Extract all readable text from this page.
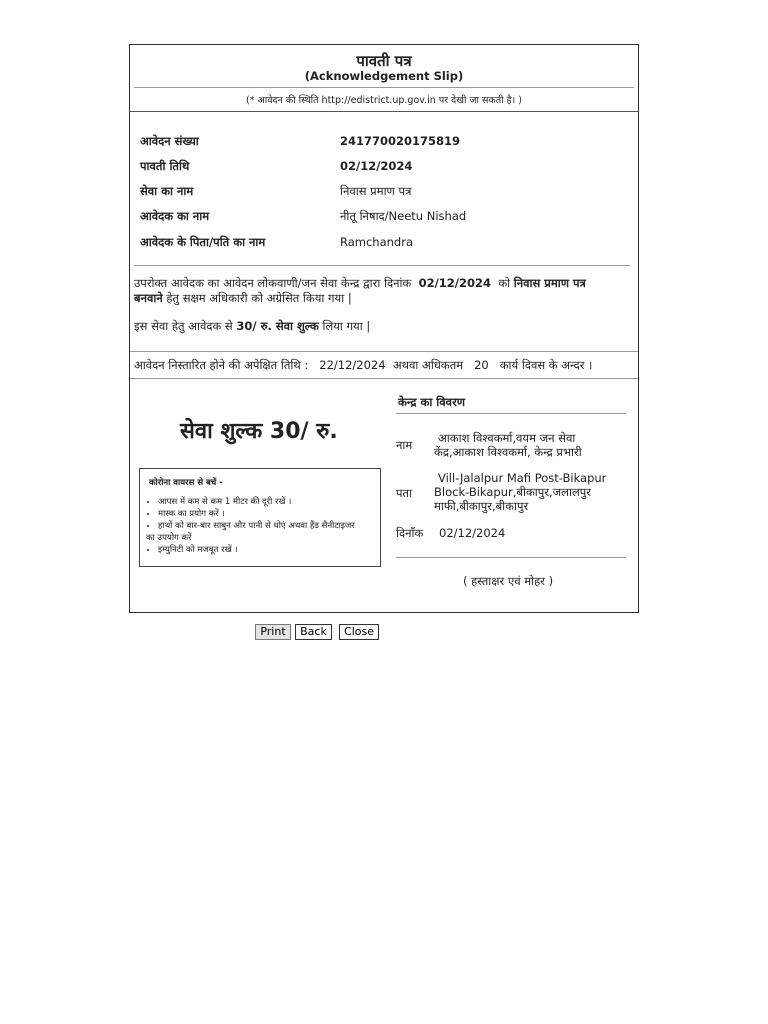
पावती पत्र
(Acknowledgement Slip)
(* आवेदन की स्थिति http://edistrict.up.gov.in पर देखी जा सकती है। )
आवेदन संख्या	241770020175819
पावती तिथि	02/12/2024
सेवा का नाम	निवास प्रमाण पत्र
आवेदक का नाम	नीतू निषाद/Neetu Nishad
आवेदक के पिता/पति का नाम	Ramchandra
उपरोक्त आवेदक का आवेदन लोकवाणी/जन सेवा केन्द्र द्वारा दिनांक 02/12/2024 को निवास प्रमाण पत्र
बनवाने हेतु सक्षम अधिकारी को अग्रेसित किया गया |
इस सेवा हेतु आवेदक से 30/ रु. सेवा शुल्क लिया गया |
आवेदन निस्तारित होने की अपेक्षित तिथि : 22/12/2024 अथवा अधिकतम 20 कार्य दिवस के अन्दर ।
सेवा शुल्क 30/ रु.
कोरोना वायरस से बचें -
• आपस में कम से कम 1 मीटर की दूरी रखें ।
• मास्क का प्रयोग करें ।
• हाथों को बार-बार साबुन और पानी से धोएं अथवा हैंड सैनीटाइजर
का उपयोग करें
• इम्युनिटी को मजबूत रखें ।
केन्द्र का विवरण
नाम आकाश विश्वकर्मा,वयम जन सेवा
केंद्र,आकाश विश्वकर्मा, केन्द्र प्रभारी
पता
Vill-Jalalpur Mafi Post-Bikapur
Block-Bikapur,बीकापुर,जलालपुर
माफी,बीकापुर,बीकापुर
दिनाँक 02/12/2024
( हस्ताक्षर एवं मोहर )
Print	Back	Close
